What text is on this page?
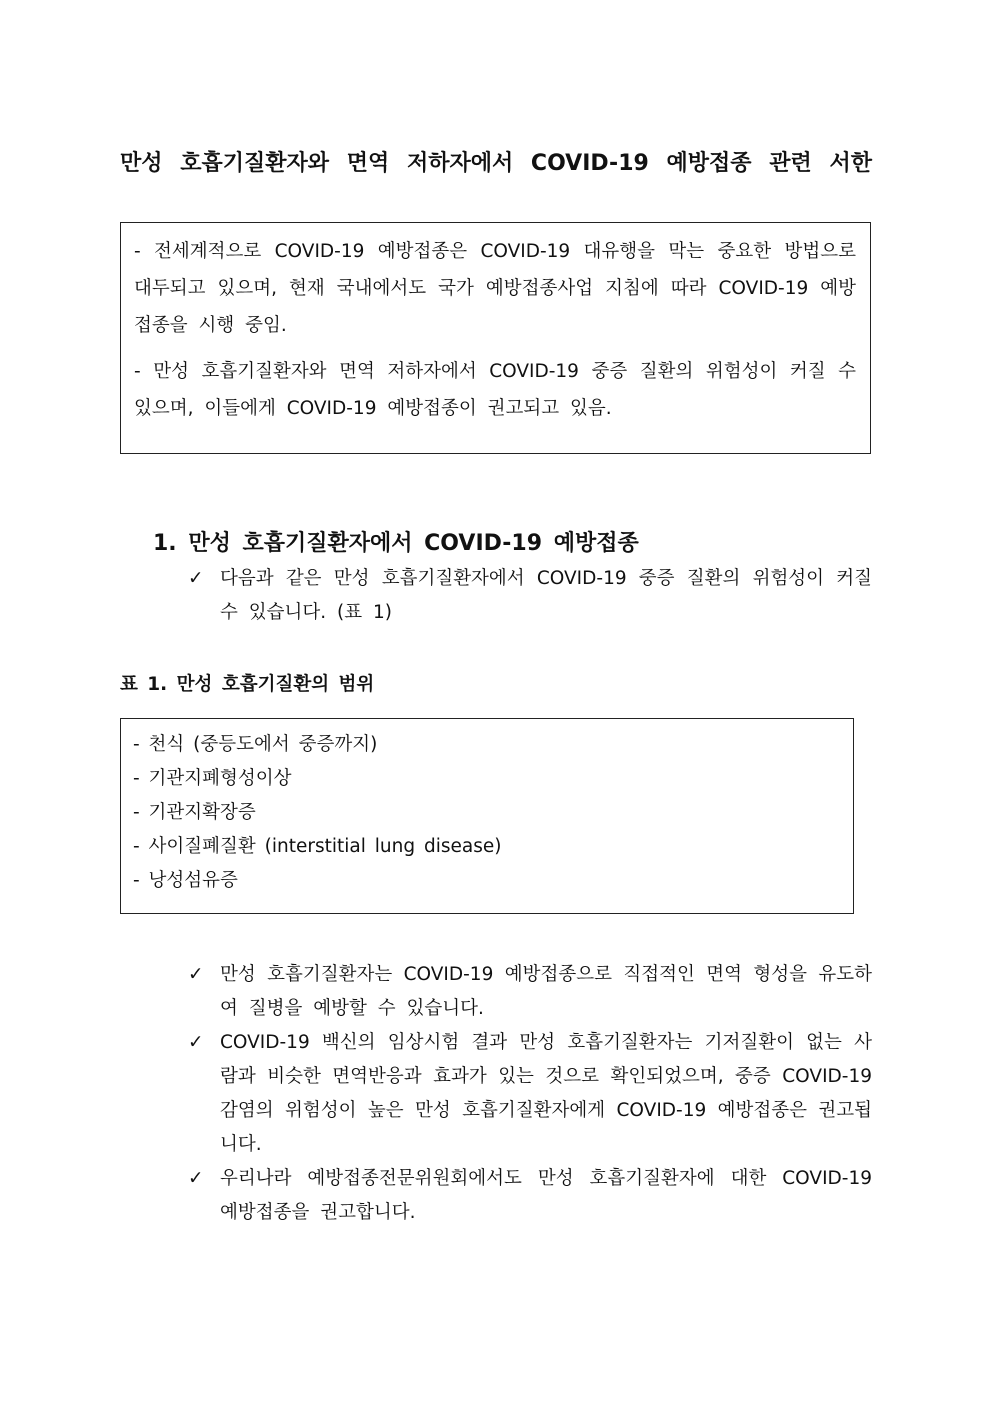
만성 호흡기질환자와 면역 저하자에서 COVID-19 예방접종 관련 서한

- 전세계적으로 COVID-19 예방접종은 COVID-19 대유행을 막는 중요한 방법으로 대두되고 있으며, 현재 국내에서도 국가 예방접종사업 지침에 따라 COVID-19 예방접종을 시행 중임.

- 만성 호흡기질환자와 면역 저하자에서 COVID-19 중증 질환의 위험성이 커질 수 있으며, 이들에게 COVID-19 예방접종이 권고되고 있음.

1. 만성 호흡기질환자에서 COVID-19 예방접종
✓ 다음과 같은 만성 호흡기질환자에서 COVID-19 중증 질환의 위험성이 커질 수 있습니다. (표 1)
표 1. 만성 호흡기질환의 범위
- 천식 (중등도에서 중증까지)
- 기관지폐형성이상
- 기관지확장증
- 사이질폐질환 (interstitial lung disease)
- 낭성섬유증
✓ 만성 호흡기질환자는 COVID-19 예방접종으로 직접적인 면역 형성을 유도하여 질병을 예방할 수 있습니다.
✓ COVID-19 백신의 임상시험 결과 만성 호흡기질환자는 기저질환이 없는 사람과 비슷한 면역반응과 효과가 있는 것으로 확인되었으며, 중증 COVID-19 감염의 위험성이 높은 만성 호흡기질환자에게 COVID-19 예방접종은 권고됩니다.
✓ 우리나라 예방접종전문위원회에서도 만성 호흡기질환자에 대한 COVID-19 예방접종을 권고합니다.
